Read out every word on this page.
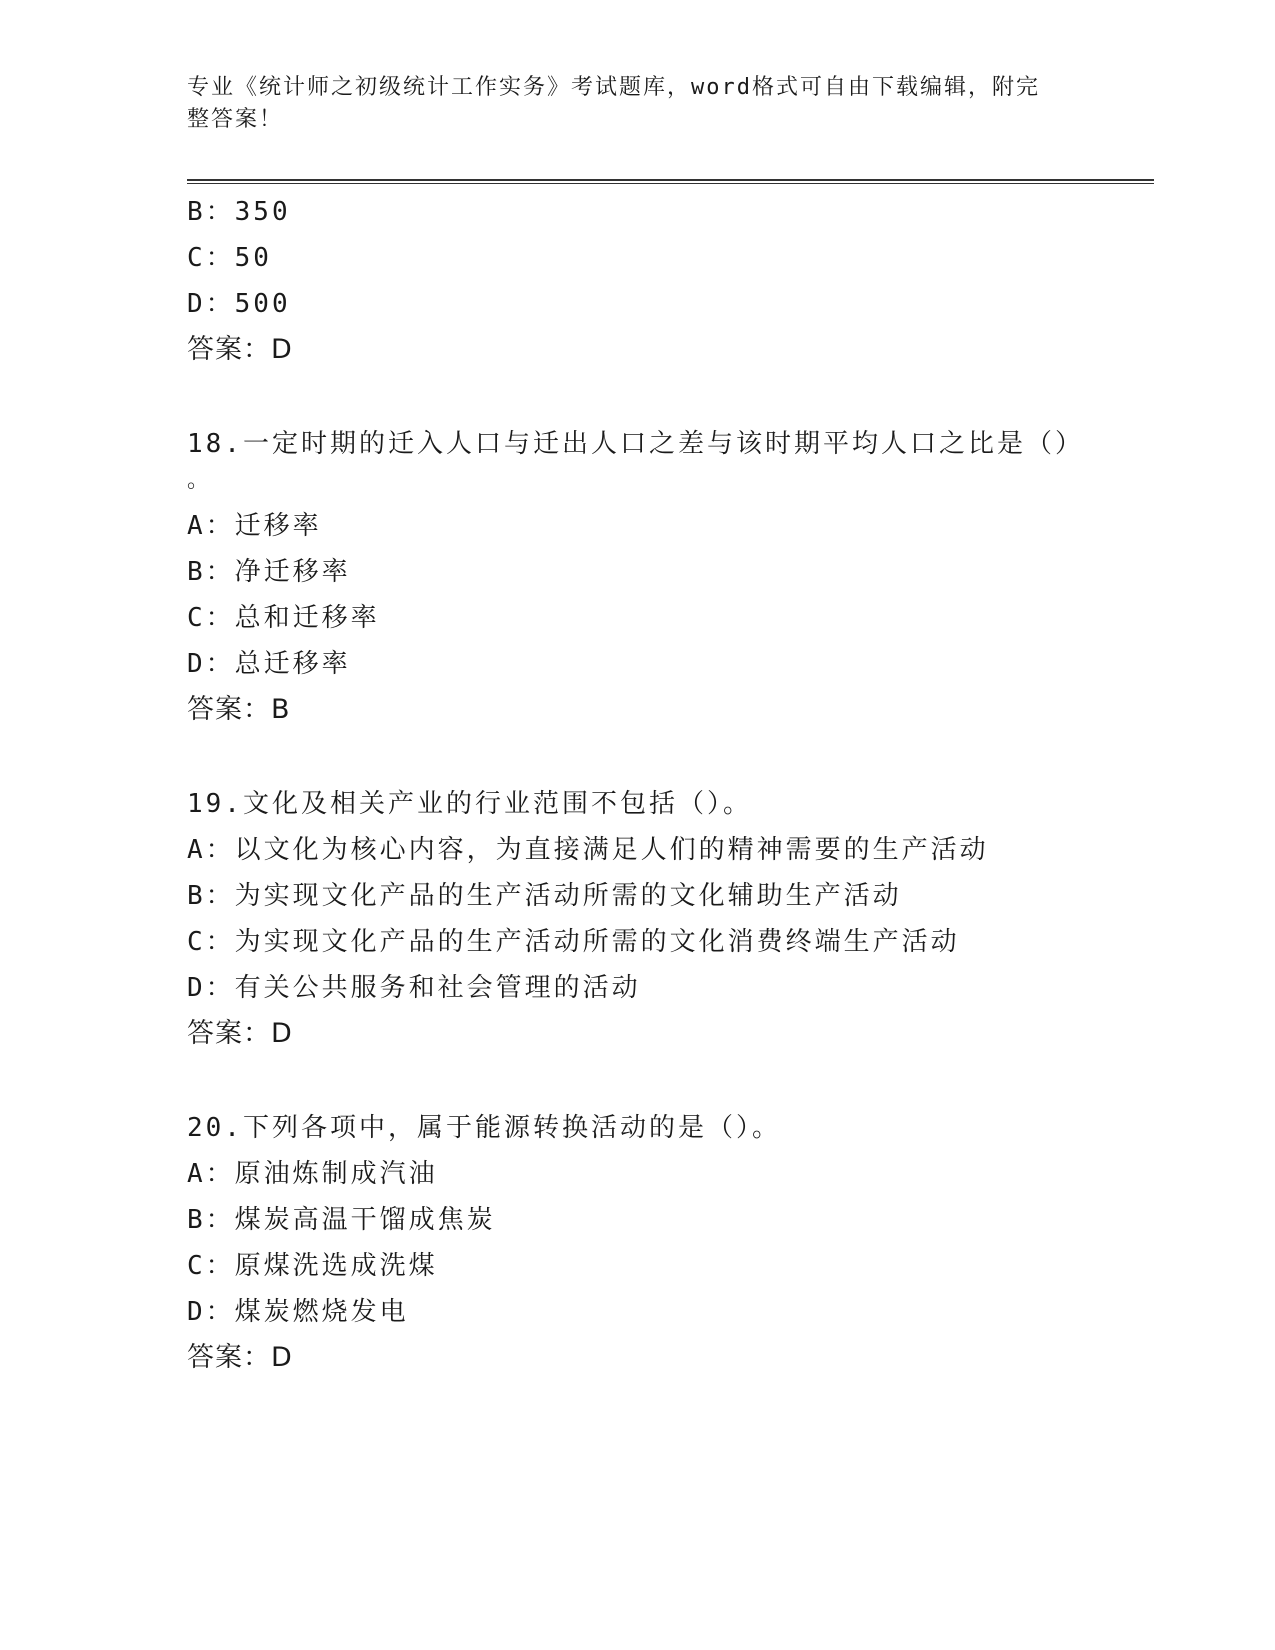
专业《统计师之初级统计工作实务》考试题库，word格式可自由下载编辑，附完
整答案！
B：350
C：50
D：500
答案：D
18.一定时期的迁入人口与迁出人口之差与该时期平均人口之比是（）
。
A：迁移率
B：净迁移率
C：总和迁移率
D：总迁移率
答案：B
19.文化及相关产业的行业范围不包括（）。
A：以文化为核心内容，为直接满足人们的精神需要的生产活动
B：为实现文化产品的生产活动所需的文化辅助生产活动
C：为实现文化产品的生产活动所需的文化消费终端生产活动
D：有关公共服务和社会管理的活动
答案：D
20.下列各项中，属于能源转换活动的是（）。
A：原油炼制成汽油
B：煤炭高温干馏成焦炭
C：原煤洗选成洗煤
D：煤炭燃烧发电
答案：D
